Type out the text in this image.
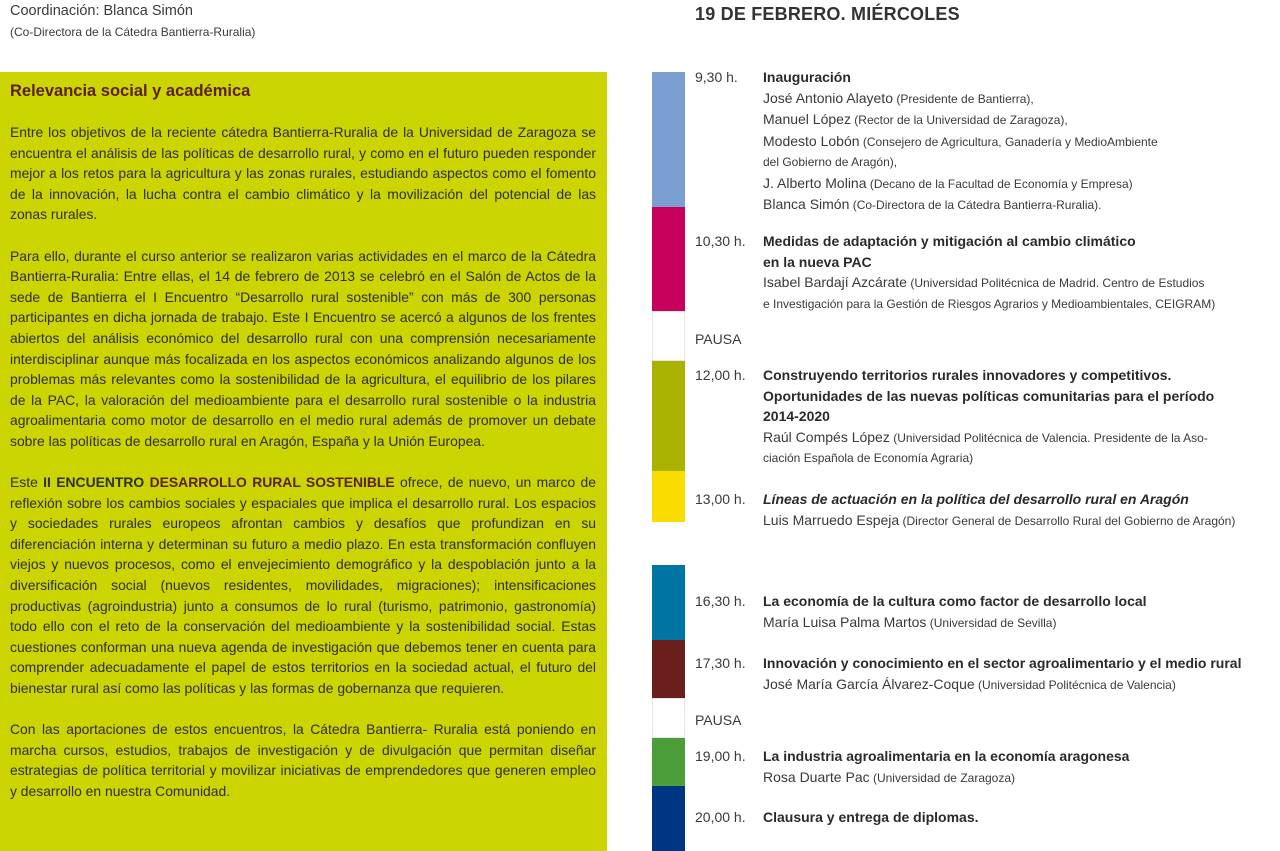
Coordinación: Blanca Simón
(Co-Directora de la Cátedra Bantierra-Ruralia)
Relevancia social y académica

Entre los objetivos de la reciente cátedra Bantierra-Ruralia de la Universidad de Zaragoza se encuentra el análisis de las políticas de desarrollo rural, y como en el futuro pueden responder mejor a los retos para la agricultura y las zonas rurales, estudiando aspectos como el fomento de la innovación, la lucha contra el cambio climático y la movilización del potencial de las zonas rurales.

Para ello, durante el curso anterior se realizaron varias actividades en el marco de la Cátedra Bantierra-Ruralia: Entre ellas, el 14 de febrero de 2013 se celebró en el Salón de Actos de la sede de Bantierra el I Encuentro “Desarrollo rural sostenible” con más de 300 personas participantes en dicha jornada de trabajo. Este I Encuentro se acercó a algunos de los frentes abiertos del análisis económico del desarrollo rural con una comprensión necesariamente interdisciplinar aunque más focalizada en los aspectos económicos analizando algunos de los problemas más relevantes como la sostenibilidad de la agricultura, el equilibrio de los pilares de la PAC, la valoración del medioambiente para el desarrollo rural sostenible o la industria agroalimentaria como motor de desarrollo en el medio rural además de promover un debate sobre las políticas de desarrollo rural en Aragón, España y la Unión Europea.

Este II ENCUENTRO DESARROLLO RURAL SOSTENIBLE ofrece, de nuevo, un marco de reflexión sobre los cambios sociales y espaciales que implica el desarrollo rural. Los espacios y sociedades rurales europeos afrontan cambios y desafíos que profundizan en su diferenciación interna y determinan su futuro a medio plazo. En esta transformación confluyen viejos y nuevos procesos, como el envejecimiento demográfico y la despoblación junto a la diversificación social (nuevos residentes, movilidades, migraciones); intensificaciones productivas (agroindustria) junto a consumos de lo rural (turismo, patrimonio, gastronomía) todo ello con el reto de la conservación del medioambiente y la sostenibilidad social. Estas cuestiones conforman una nueva agenda de investigación que debemos tener en cuenta para comprender adecuadamente el papel de estos territorios en la sociedad actual, el futuro del bienestar rural así como las políticas y las formas de gobernanza que requieren.

Con las aportaciones de estos encuentros, la Cátedra Bantierra- Ruralia está poniendo en marcha cursos, estudios, trabajos de investigación y de divulgación que permitan diseñar estrategias de política territorial y movilizar iniciativas de emprendedores que generen empleo y desarrollo en nuestra Comunidad.

19 DE FEBRERO. MIÉRCOLES
9,30 h. Inauguración
José Antonio Alayeto (Presidente de Bantierra),
Manuel López (Rector de la Universidad de Zaragoza),
Modesto Lobón (Consejero de Agricultura, Ganadería y MedioAmbiente
del Gobierno de Aragón),
J. Alberto Molina (Decano de la Facultad de Economía y Empresa)
Blanca Simón (Co-Directora de la Cátedra Bantierra-Ruralia).
10,30 h. Medidas de adaptación y mitigación al cambio climático
en la nueva PAC
Isabel Bardají Azcárate (Universidad Politécnica de Madrid. Centro de Estudios
e Investigación para la Gestión de Riesgos Agrarios y Medioambientales, CEIGRAM)
PAUSA
12,00 h. Construyendo territorios rurales innovadores y competitivos.
Oportunidades de las nuevas políticas comunitarias para el período
2014-2020
Raúl Compés López (Universidad Politécnica de Valencia. Presidente de la Aso-
ciación Española de Economía Agraria)
13,00 h. Líneas de actuación en la política del desarrollo rural en Aragón
Luis Marruedo Espeja (Director General de Desarrollo Rural del Gobierno de Aragón)
16,30 h. La economía de la cultura como factor de desarrollo local
María Luisa Palma Martos (Universidad de Sevilla)
17,30 h. Innovación y conocimiento en el sector agroalimentario y el medio rural
José María García Álvarez-Coque (Universidad Politécnica de Valencia)
PAUSA
19,00 h. La industria agroalimentaria en la economía aragonesa
Rosa Duarte Pac (Universidad de Zaragoza)
20,00 h. Clausura y entrega de diplomas.
